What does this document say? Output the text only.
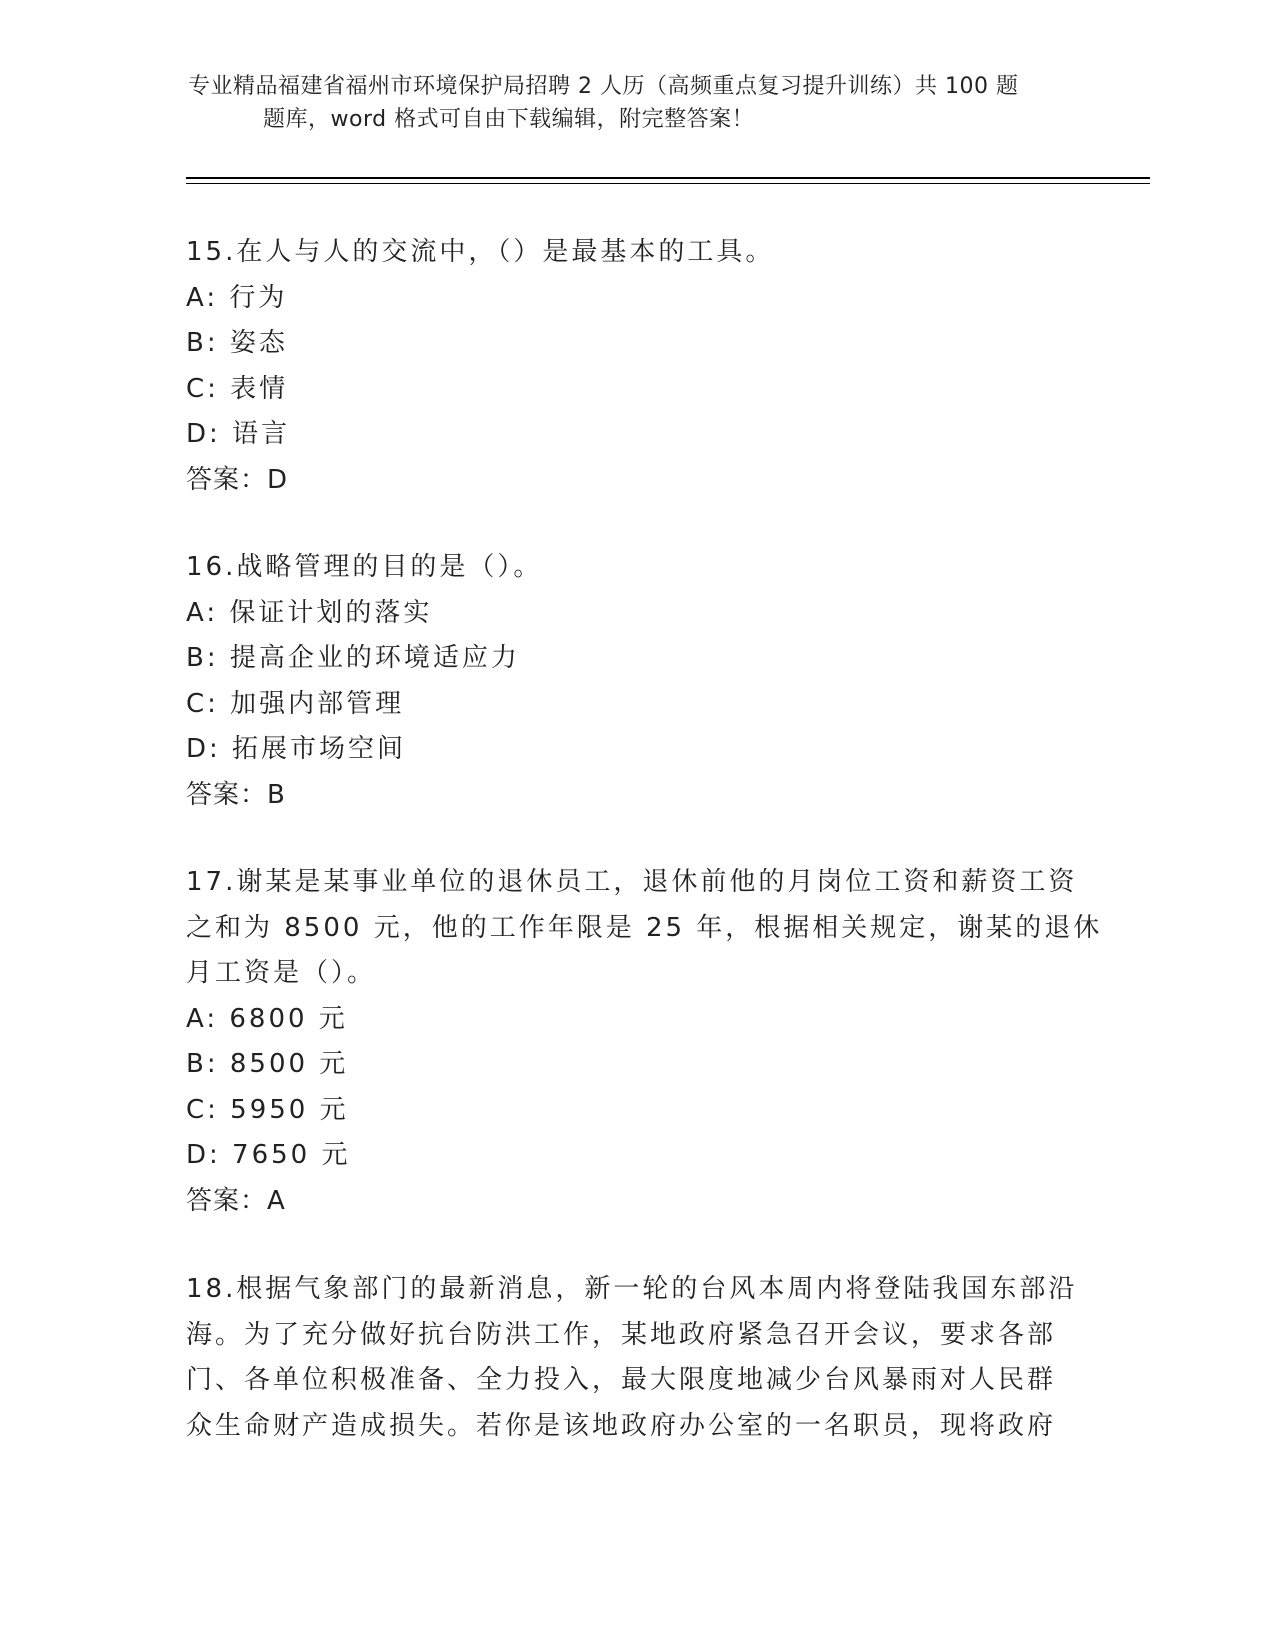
专业精品福建省福州市环境保护局招聘 2 人历（高频重点复习提升训练）共 100 题
题库，word 格式可自由下载编辑，附完整答案！
15.在人与人的交流中，（）是最基本的工具。
A: 行为
B: 姿态
C: 表情
D: 语言
答案：D
16.战略管理的目的是（）。
A: 保证计划的落实
B: 提高企业的环境适应力
C: 加强内部管理
D: 拓展市场空间
答案：B
17.谢某是某事业单位的退休员工，退休前他的月岗位工资和薪资工资
之和为 8500 元，他的工作年限是 25 年，根据相关规定，谢某的退休
月工资是（）。
A: 6800 元
B: 8500 元
C: 5950 元
D: 7650 元
答案：A
18.根据气象部门的最新消息，新一轮的台风本周内将登陆我国东部沿
海。为了充分做好抗台防洪工作，某地政府紧急召开会议，要求各部
门、各单位积极准备、全力投入，最大限度地减少台风暴雨对人民群
众生命财产造成损失。若你是该地政府办公室的一名职员，现将政府
